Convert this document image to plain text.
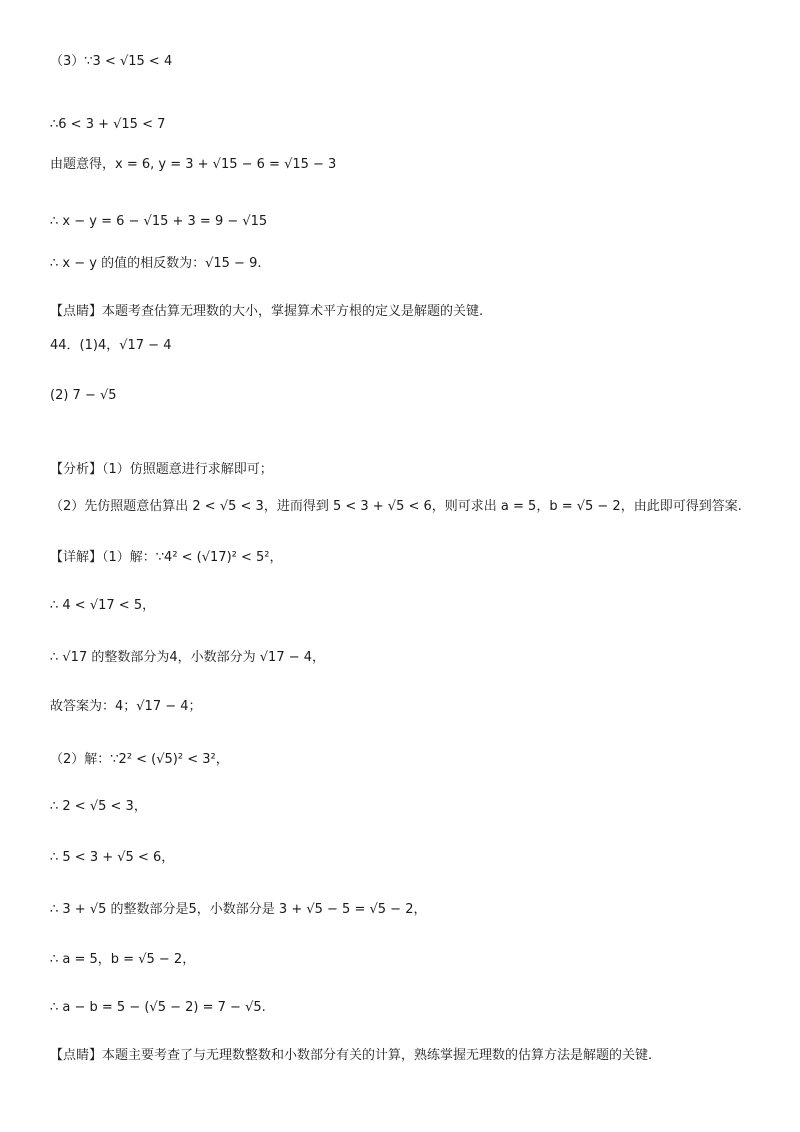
（3）∵3 < √15 < 4
∴6 < 3 + √15 < 7
由题意得，x = 6, y = 3 + √15 − 6 = √15 − 3
∴ x − y = 6 − √15 + 3 = 9 − √15
∴ x − y 的值的相反数为：√15 − 9.
【点睛】本题考查估算无理数的大小，掌握算术平方根的定义是解题的关键.
44．(1)4，√17 − 4
(2) 7 − √5
【分析】（1）仿照题意进行求解即可；
（2）先仿照题意估算出 2 < √5 < 3，进而得到 5 < 3 + √5 < 6，则可求出 a = 5，b = √5 − 2，由此即可得到答案.
【详解】（1）解：∵4² < (√17)² < 5²，
∴ 4 < √17 < 5，
∴ √17 的整数部分为4，小数部分为 √17 − 4，
故答案为：4；√17 − 4；
（2）解：∵2² < (√5)² < 3²，
∴ 2 < √5 < 3，
∴ 5 < 3 + √5 < 6，
∴ 3 + √5 的整数部分是5，小数部分是 3 + √5 − 5 = √5 − 2，
∴ a = 5，b = √5 − 2，
∴ a − b = 5 − (√5 − 2) = 7 − √5.
【点睛】本题主要考查了与无理数整数和小数部分有关的计算，熟练掌握无理数的估算方法是解题的关键.
